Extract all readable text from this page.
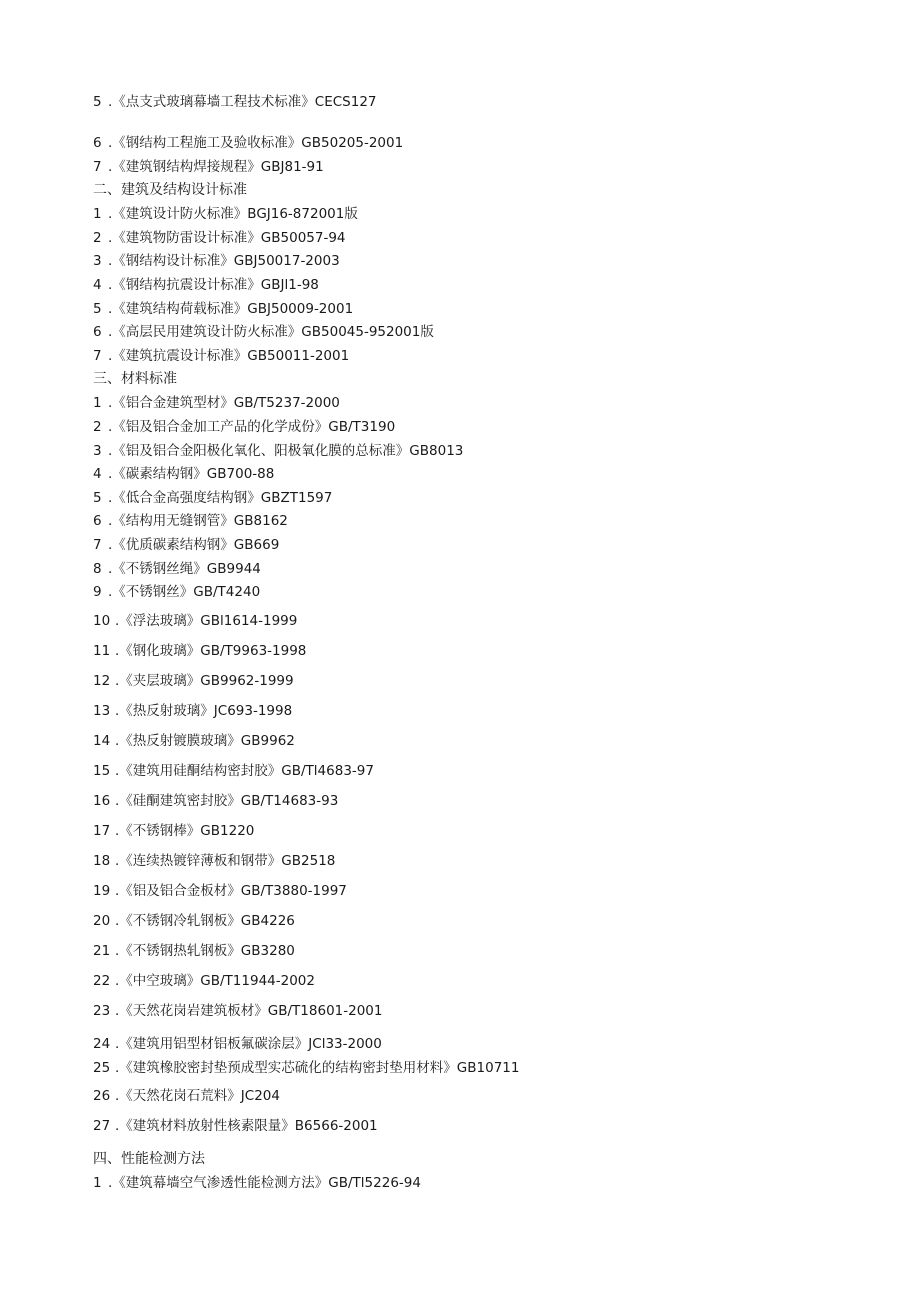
5 .《点支式玻璃幕墙工程技术标准》CECS127
6 .《钢结构工程施工及验收标准》GB50205-2001
7 .《建筑钢结构焊接规程》GBJ81-91
二、建筑及结构设计标准
1 .《建筑设计防火标准》BGJ16-872001版
2 .《建筑物防雷设计标准》GB50057-94
3 .《钢结构设计标准》GBJ50017-2003
4 .《钢结构抗震设计标准》GBJl1-98
5 .《建筑结构荷载标准》GBJ50009-2001
6 .《高层民用建筑设计防火标准》GB50045-952001版
7 .《建筑抗震设计标准》GB50011-2001
三、材料标准
1 .《铝合金建筑型材》GB/T5237-2000
2 .《铝及铝合金加工产品的化学成份》GB/T3190
3 .《铝及铝合金阳极化氧化、阳极氧化膜的总标准》GB8013
4 .《碳素结构钢》GB700-88
5 .《低合金高强度结构钢》GBZT1597
6 .《结构用无缝钢管》GB8162
7 .《优质碳素结构钢》GB669
8 .《不锈钢丝绳》GB9944
9 .《不锈钢丝》GB/T4240
10 .《浮法玻璃》GBl1614-1999
11 .《钢化玻璃》GB/T9963-1998
12 .《夹层玻璃》GB9962-1999
13 .《热反射玻璃》JC693-1998
14 .《热反射镀膜玻璃》GB9962
15 .《建筑用硅酮结构密封胶》GB/Tl4683-97
16 .《硅酮建筑密封胶》GB/T14683-93
17 .《不锈钢棒》GB1220
18 .《连续热镀锌薄板和钢带》GB2518
19 .《铝及铝合金板材》GB/T3880-1997
20 .《不锈钢冷轧钢板》GB4226
21 .《不锈钢热轧钢板》GB3280
22 .《中空玻璃》GB/T11944-2002
23 .《天然花岗岩建筑板材》GB/T18601-2001
24 .《建筑用铝型材铝板氟碳涂层》JCl33-2000
25 .《建筑橡胶密封垫预成型实芯硫化的结构密封垫用材料》GB10711
26 .《天然花岗石荒料》JC204
27 .《建筑材料放射性核素限量》B6566-2001
四、性能检测方法
1 .《建筑幕墙空气渗透性能检测方法》GB/Tl5226-94
